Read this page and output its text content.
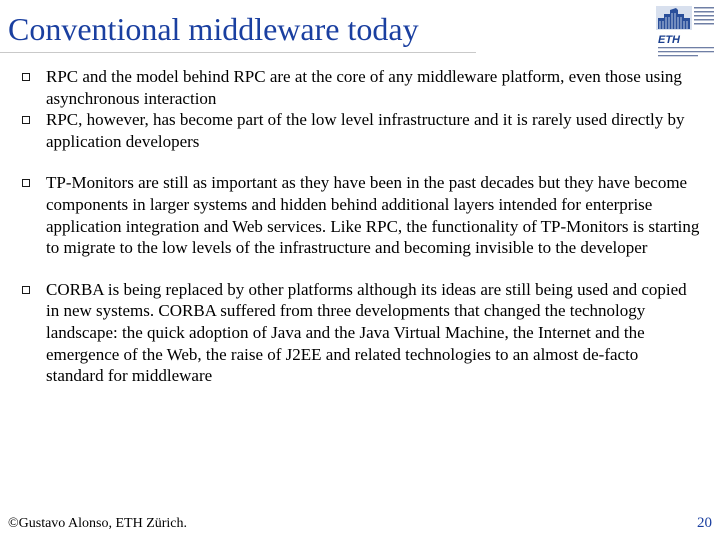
Conventional middleware today	ETH
RPC and the model behind RPC are at the core of any middleware platform, even those using asynchronous interaction
RPC, however, has become part of the low level infrastructure and it is rarely used directly by application developers
TP-Monitors are still as important as they have been in the past decades but they have become components in larger systems and hidden behind additional layers intended for enterprise application integration and Web services. Like RPC, the functionality of TP-Monitors is starting to migrate to the low levels of the infrastructure and becoming invisible to the developer
CORBA is being replaced by other platforms although its ideas are still being used and copied in new systems. CORBA suffered from three developments that changed the technology landscape: the quick adoption of Java and the Java Virtual Machine, the Internet and the emergence of the Web, the raise of J2EE and related technologies to an almost de-facto standard for middleware
©Gustavo Alonso, ETH Zürich.	20
